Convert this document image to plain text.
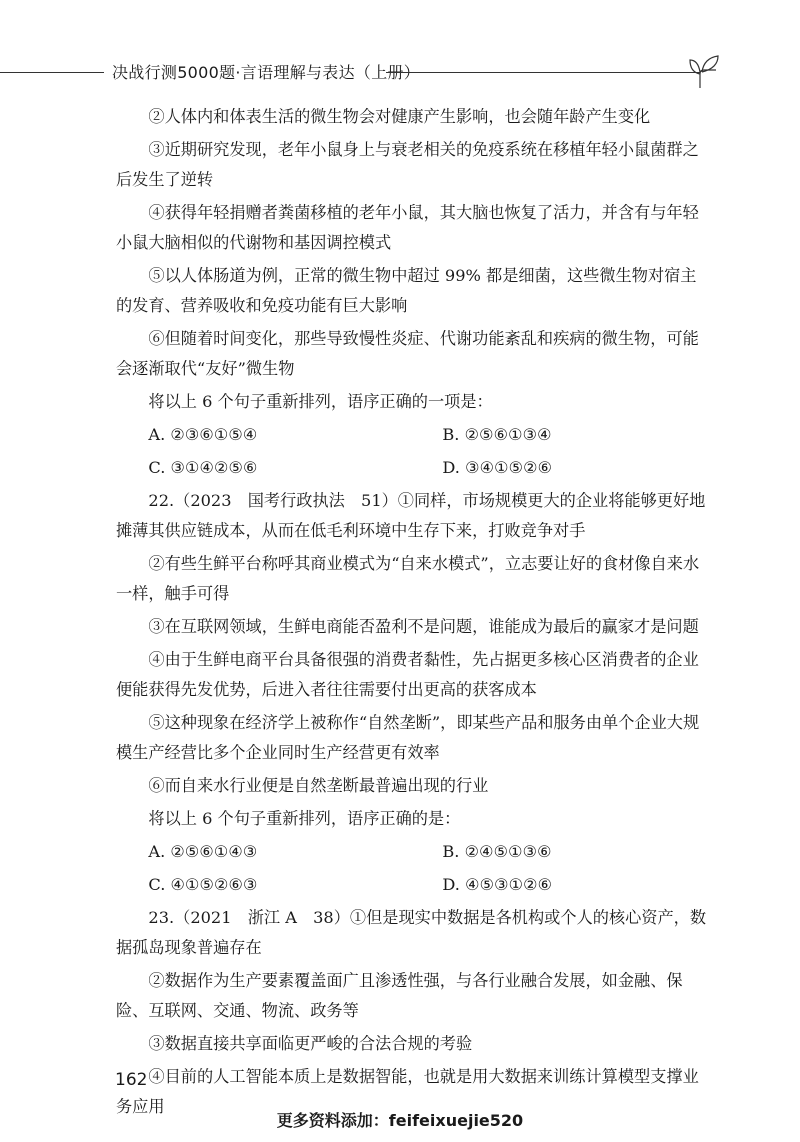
决战行测5000题·言语理解与表达（上册）

②人体内和体表生活的微生物会对健康产生影响，也会随年龄产生变化

③近期研究发现，老年小鼠身上与衰老相关的免疫系统在移植年轻小鼠菌群之后发生了逆转

④获得年轻捐赠者粪菌移植的老年小鼠，其大脑也恢复了活力，并含有与年轻小鼠大脑相似的代谢物和基因调控模式

⑤以人体肠道为例，正常的微生物中超过 99% 都是细菌，这些微生物对宿主的发育、营养吸收和免疫功能有巨大影响

⑥但随着时间变化，那些导致慢性炎症、代谢功能紊乱和疾病的微生物，可能会逐渐取代“友好”微生物

将以上 6 个句子重新排列，语序正确的一项是：

A. ②③⑥①⑤④	B. ②⑤⑥①③④
C. ③①④②⑤⑥	D. ③④①⑤②⑥

22.（2023　国考行政执法　51）①同样，市场规模更大的企业将能够更好地摊薄其供应链成本，从而在低毛利环境中生存下来，打败竞争对手

②有些生鲜平台称呼其商业模式为“自来水模式”，立志要让好的食材像自来水一样，触手可得

③在互联网领域，生鲜电商能否盈利不是问题，谁能成为最后的赢家才是问题

④由于生鲜电商平台具备很强的消费者黏性，先占据更多核心区消费者的企业便能获得先发优势，后进入者往往需要付出更高的获客成本

⑤这种现象在经济学上被称作“自然垄断”，即某些产品和服务由单个企业大规模生产经营比多个企业同时生产经营更有效率

⑥而自来水行业便是自然垄断最普遍出现的行业

将以上 6 个句子重新排列，语序正确的是：

A. ②⑤⑥①④③	B. ②④⑤①③⑥
C. ④①⑤②⑥③	D. ④⑤③①②⑥

23.（2021　浙江 A　38）①但是现实中数据是各机构或个人的核心资产，数据孤岛现象普遍存在

②数据作为生产要素覆盖面广且渗透性强，与各行业融合发展，如金融、保险、互联网、交通、物流、政务等

③数据直接共享面临更严峻的合法合规的考验

④目前的人工智能本质上是数据智能，也就是用大数据来训练计算模型支撑业务应用

162
更多资料添加：feifeixuejie520
